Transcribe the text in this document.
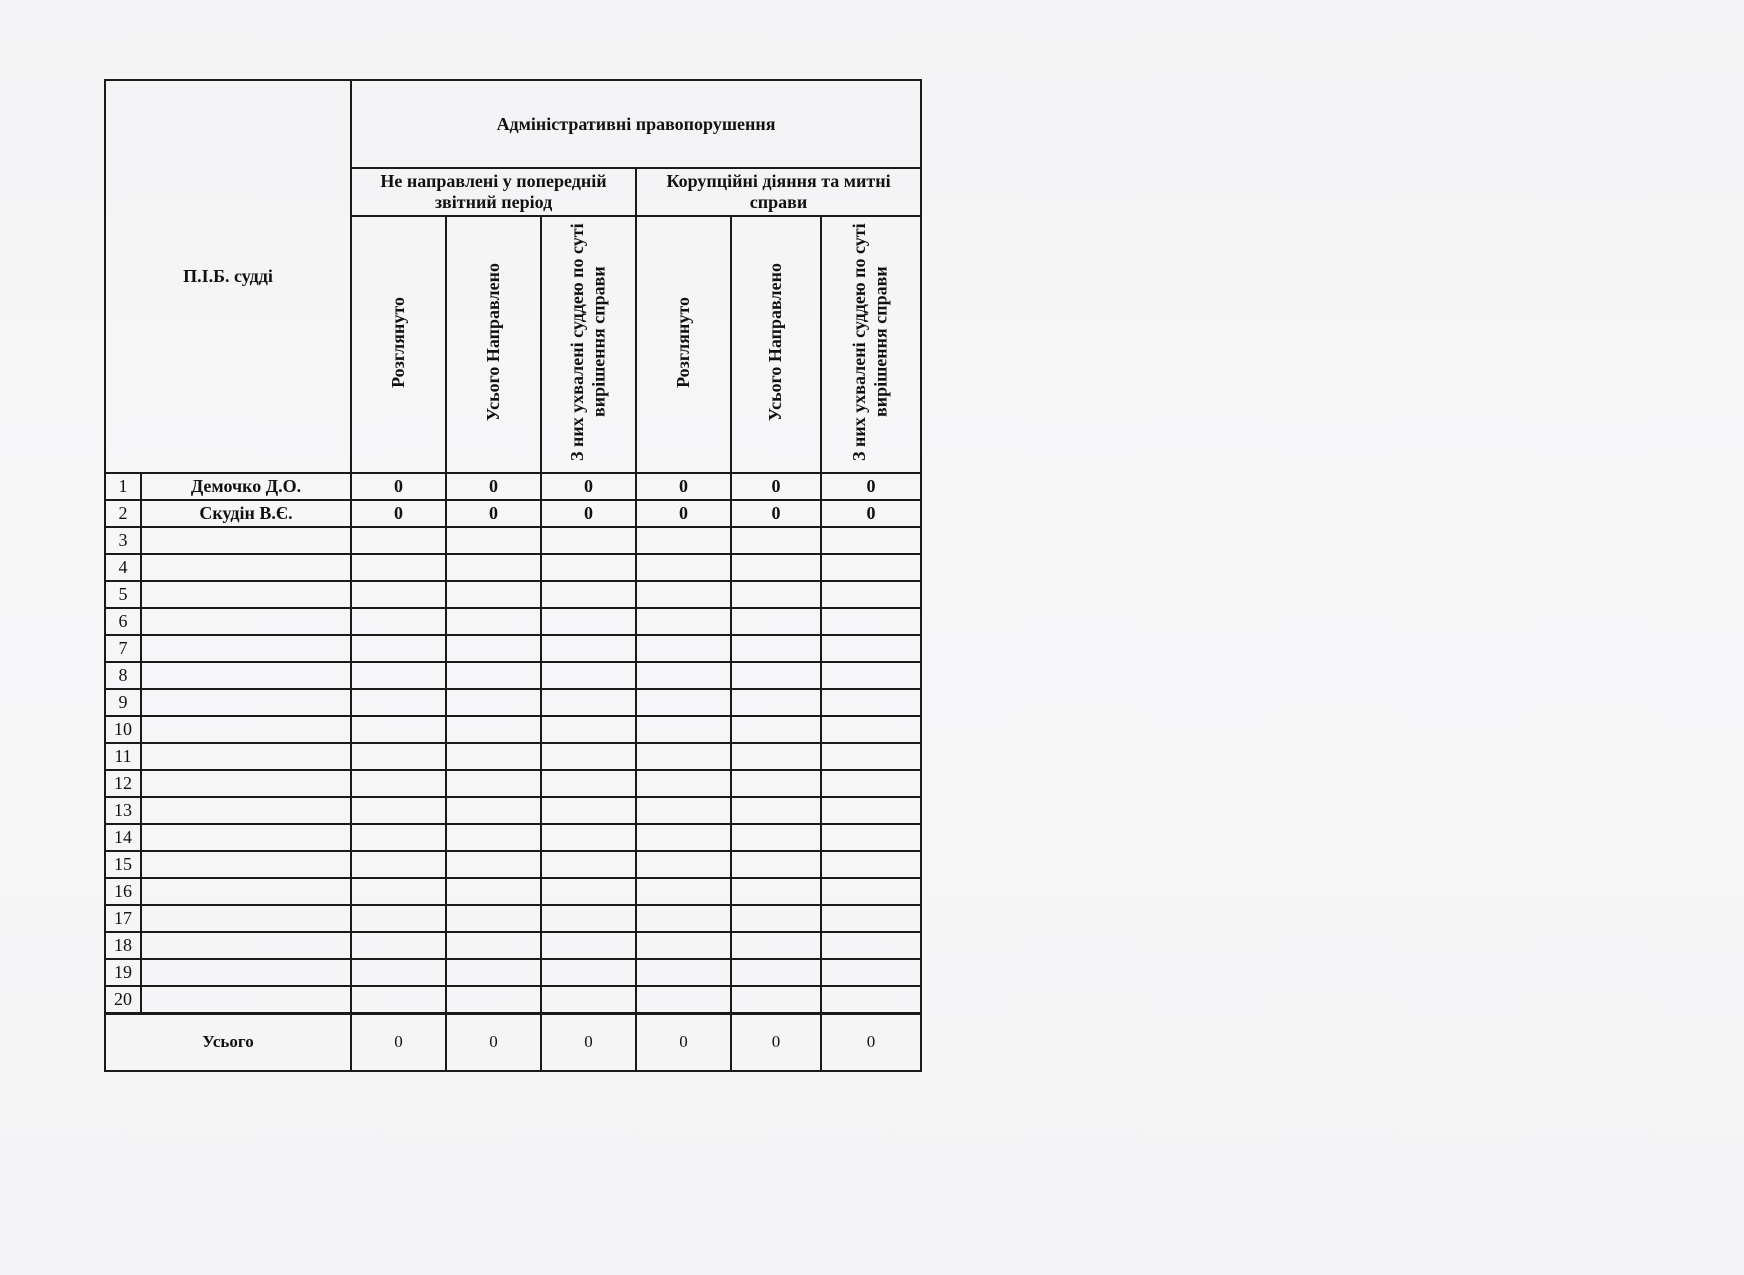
П.І.Б. судді		Адміністративні правопорушення					
		Не направлені у попередній звітний період			Корупційні діяння та митні справи		
		Розглянуто	Усього Направлено	З них ухвалені суддею по суті вирішення справи	Розглянуто	Усього Направлено	З них ухвалені суддею по суті вирішення справи
1	Демочко Д.О.	0	0	0	0	0	0
2	Скудін В.Є.	0	0	0	0	0	0
3							
4							
5							
6							
7							
8							
9							
10							
11							
12							
13							
14							
15							
16							
17							
18							
19							
20							
Усього		0	0	0	0	0	0
